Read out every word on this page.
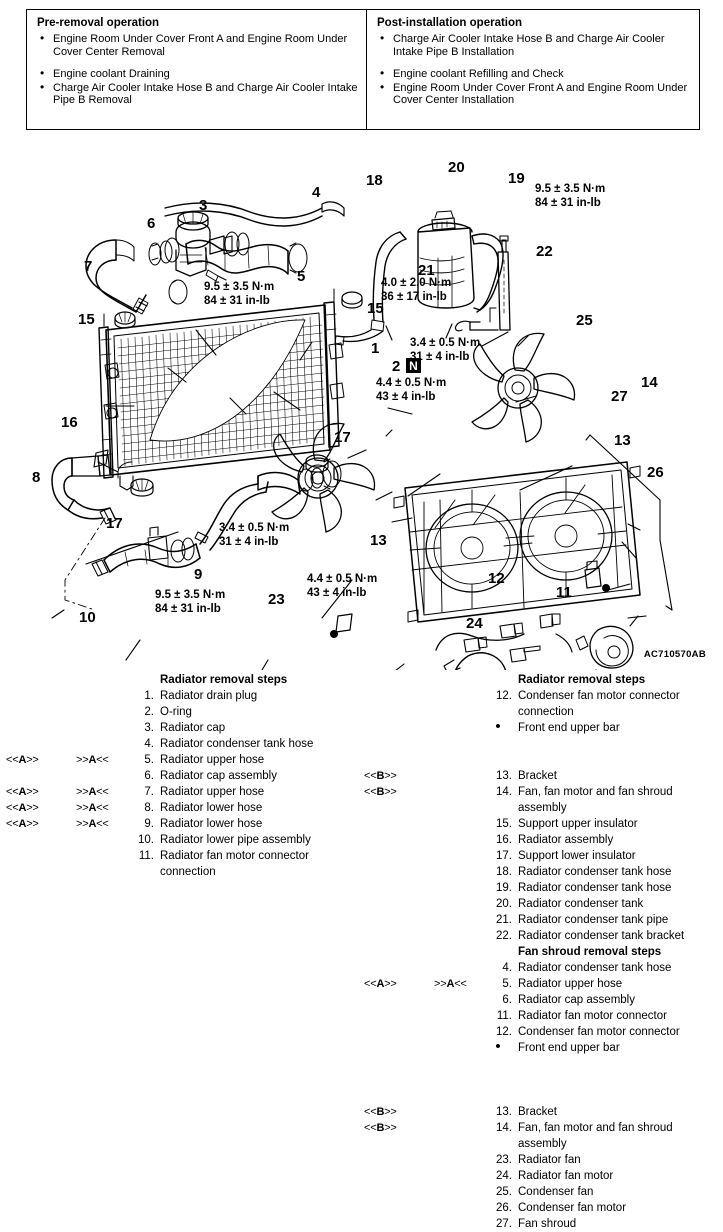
Pre-removal operation
• Engine Room Under Cover Front A and Engine Room Under Cover Center Removal
• Engine coolant Draining
• Charge Air Cooler Intake Hose B and Charge Air Cooler Intake Pipe B Removal
Post-installation operation
• Charge Air Cooler Intake Hose B and Charge Air Cooler Intake Pipe B Installation
• Engine coolant Refilling and Check
• Engine Room Under Cover Front A and Engine Room Under Cover Center Installation
3
4
6
7
5
15
15
16
8
17
17
10
9
23
13
18
20
19
21
22
1
2
25
14
27
13
26
12
11
24
N
9.5 ± 3.5 N·m
84 ± 31 in-lb
9.5 ± 3.5 N·m
84 ± 31 in-lb
4.0 ± 2.0 N·m
36 ± 17 in-lb
3.4 ± 0.5 N·m
31 ± 4 in-lb
4.4 ± 0.5 N·m
43 ± 4 in-lb
3.4 ± 0.5 N·m
31 ± 4 in-lb
4.4 ± 0.5 N·m
43 ± 4 in-lb
9.5 ± 3.5 N·m
84 ± 31 in-lb
AC710570AB
Radiator removal steps
1. Radiator drain plug
2. O-ring
3. Radiator cap
4. Radiator condenser tank hose
<<A>>	>>A<<	5. Radiator upper hose
6. Radiator cap assembly
<<A>>	>>A<<	7. Radiator upper hose
<<A>>	>>A<<	8. Radiator lower hose
<<A>>	>>A<<	9. Radiator lower hose
10. Radiator lower pipe assembly
11. Radiator fan motor connector
connection
Radiator removal steps
12. Condenser fan motor connector
connection
•	Front end upper bar
<<B>>	13. Bracket
<<B>>	14. Fan, fan motor and fan shroud
assembly
15. Support upper insulator
16. Radiator assembly
17. Support lower insulator
18. Radiator condenser tank hose
19. Radiator condenser tank hose
20. Radiator condenser tank
21. Radiator condenser tank pipe
22. Radiator condenser tank bracket
Fan shroud removal steps
4. Radiator condenser tank hose
<<A>>	>>A<<	5. Radiator upper hose
6. Radiator cap assembly
11. Radiator fan motor connector
12. Condenser fan motor connector
•	Front end upper bar
<<B>>	13. Bracket
<<B>>	14. Fan, fan motor and fan shroud
assembly
23. Radiator fan
24. Radiator fan motor
25. Condenser fan
26. Condenser fan motor
27. Fan shroud
